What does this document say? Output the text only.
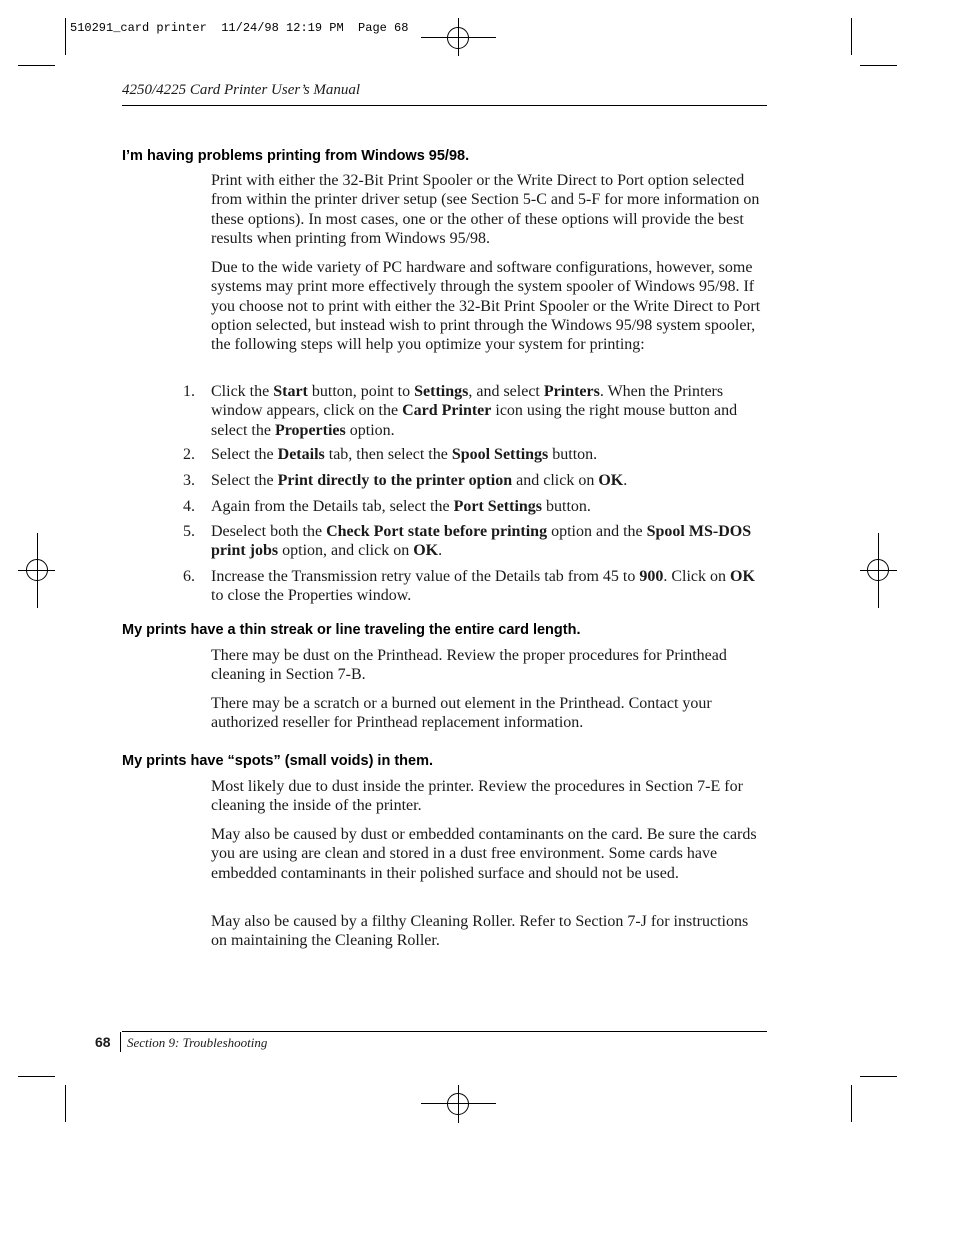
510291_card printer  11/24/98 12:19 PM  Page 68
4250/4225 Card Printer User’s Manual
I’m having problems printing from Windows 95/98.

Print with either the 32-Bit Print Spooler or the Write Direct to Port option selected from within the printer driver setup (see Section 5-C and 5-F for more information on these options). In most cases, one or the other of these options will provide the best results when printing from Windows 95/98.

Due to the wide variety of PC hardware and software configurations, however, some systems may print more effectively through the system spooler of Windows 95/98. If you choose not to print with either the 32-Bit Print Spooler or the Write Direct to Port option selected, but instead wish to print through the Windows 95/98 system spooler, the following steps will help you optimize your system for printing:

1. Click the Start button, point to Settings, and select Printers. When the Printers window appears, click on the Card Printer icon using the right mouse button and select the Properties option.
2. Select the Details tab, then select the Spool Settings button.
3. Select the Print directly to the printer option and click on OK.
4. Again from the Details tab, select the Port Settings button.
5. Deselect both the Check Port state before printing option and the Spool MS-DOS print jobs option, and click on OK.
6. Increase the Transmission retry value of the Details tab from 45 to 900. Click on OK to close the Properties window.
My prints have a thin streak or line traveling the entire card length.

There may be dust on the Printhead. Review the proper procedures for Printhead cleaning in Section 7-B.

There may be a scratch or a burned out element in the Printhead. Contact your authorized reseller for Printhead replacement information.

My prints have “spots” (small voids) in them.

Most likely due to dust inside the printer. Review the procedures in Section 7-E for cleaning the inside of the printer.

May also be caused by dust or embedded contaminants on the card. Be sure the cards you are using are clean and stored in a dust free environment. Some cards have embedded contaminants in their polished surface and should not be used.

May also be caused by a filthy Cleaning Roller. Refer to Section 7-J for instructions on maintaining the Cleaning Roller.

68 Section 9: Troubleshooting
